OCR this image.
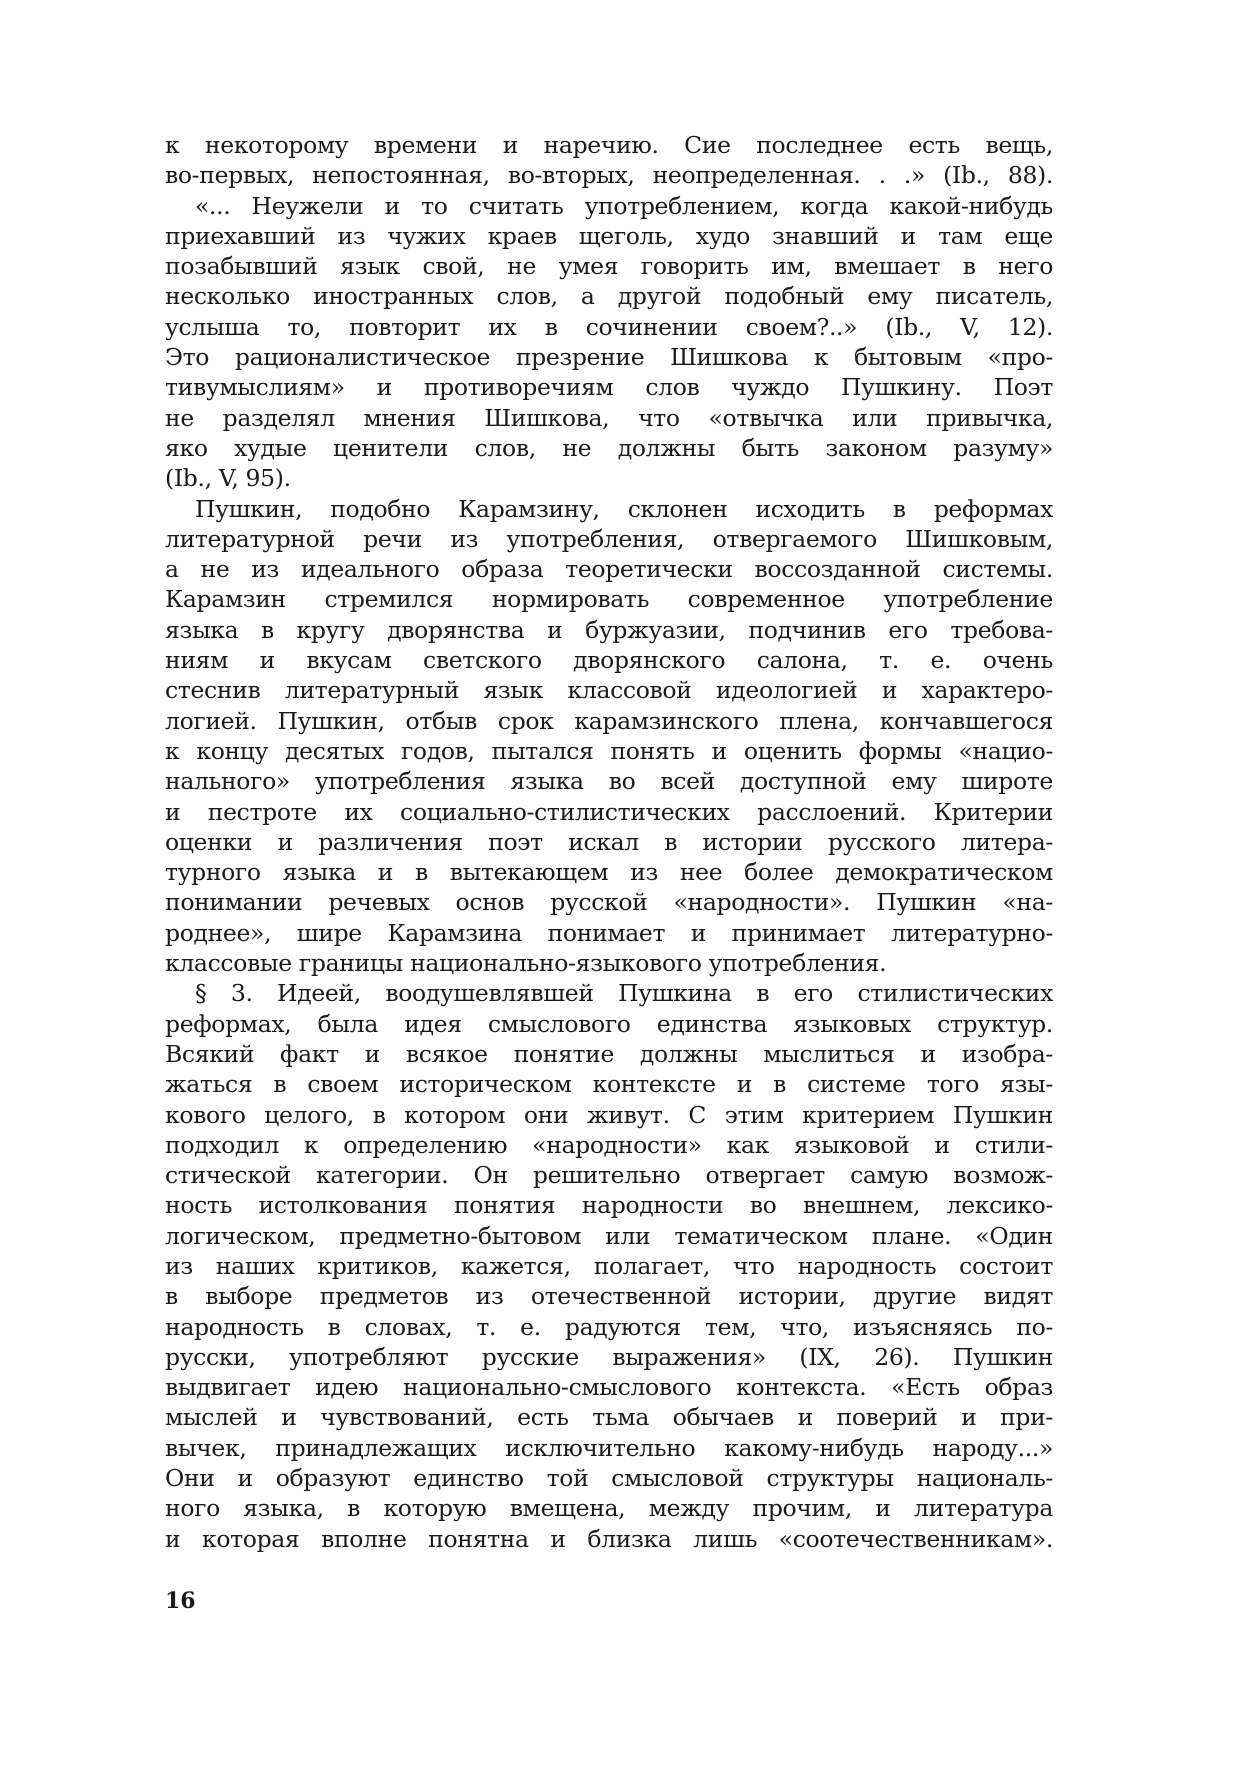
к некоторому времени и наречию. Сие последнее есть вещь,
во-первых, непостоянная, во-вторых, неопределенная. . .» (Ib., 88).

«... Неужели и то считать употреблением, когда какой-нибудь
приехавший из чужих краев щеголь, худо знавший и там еще
позабывший язык свой, не умея говорить им, вмешает в него
несколько иностранных слов, а другой подобный ему писатель,
услыша то, повторит их в сочинении своем?..» (Ib., V, 12).
Это рационалистическое презрение Шишкова к бытовым «про-
тивумыслиям» и противоречиям слов чуждо Пушкину. Поэт
не разделял мнения Шишкова, что «отвычка или привычка,
яко худые ценители слов, не должны быть законом разуму»
(Ib., V, 95).

Пушкин, подобно Карамзину, склонен исходить в реформах
литературной речи из употребления, отвергаемого Шишковым,
а не из идеального образа теоретически воссозданной системы.
Карамзин стремился нормировать современное употребление
языка в кругу дворянства и буржуазии, подчинив его требова-
ниям и вкусам светского дворянского салона, т. е. очень
стеснив литературный язык классовой идеологией и характеро-
логией. Пушкин, отбыв срок карамзинского плена, кончавшегося
к концу десятых годов, пытался понять и оценить формы «нацио-
нального» употребления языка во всей доступной ему широте
и пестроте их социально-стилистических расслоений. Критерии
оценки и различения поэт искал в истории русского литера-
турного языка и в вытекающем из нее более демократическом
понимании речевых основ русской «народности». Пушкин «на-
роднее», шире Карамзина понимает и принимает литературно-
классовые границы национально-языкового употребления.

§ 3. Идеей, воодушевлявшей Пушкина в его стилистических
реформах, была идея смыслового единства языковых структур.
Всякий факт и всякое понятие должны мыслиться и изобра-
жаться в своем историческом контексте и в системе того язы-
кового целого, в котором они живут. С этим критерием Пушкин
подходил к определению «народности» как языковой и стили-
стической категории. Он решительно отвергает самую возмож-
ность истолкования понятия народности во внешнем, лексико-
логическом, предметно-бытовом или тематическом плане. «Один
из наших критиков, кажется, полагает, что народность состоит
в выборе предметов из отечественной истории, другие видят
народность в словах, т. е. радуются тем, что, изъясняясь по-
русски, употребляют русские выражения» (IX, 26). Пушкин
выдвигает идею национально-смыслового контекста. «Есть образ
мыслей и чувствований, есть тьма обычаев и поверий и при-
вычек, принадлежащих исключительно какому-нибудь народу...»
Они и образуют единство той смысловой структуры националь-
ного языка, в которую вмещена, между прочим, и литература
и которая вполне понятна и близка лишь «соотечественникам».

16
